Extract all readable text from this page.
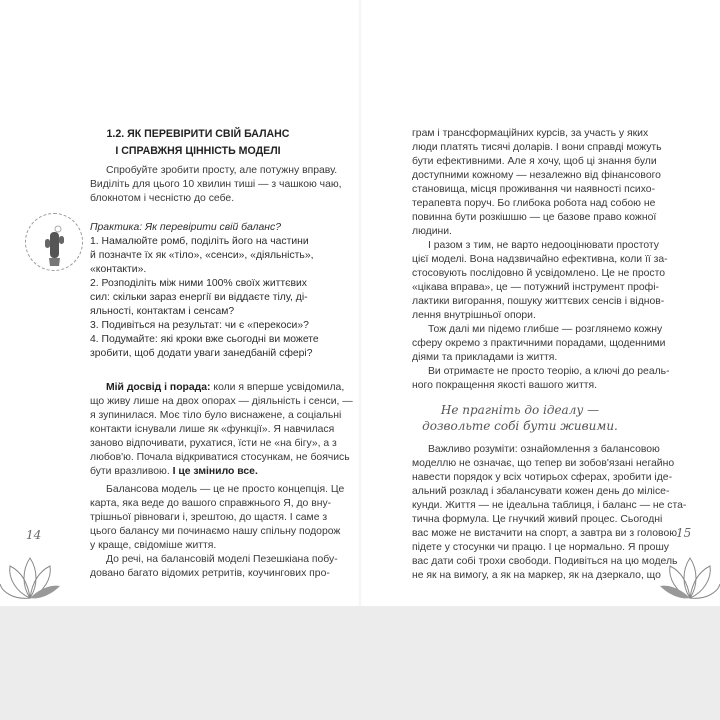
1.2. ЯК ПЕРЕВІРИТИ СВІЙ БАЛАНС
І СПРАВЖНЯ ЦІННІСТЬ МОДЕЛІ
Спробуйте зробити просту, але потужну вправу.
Виділіть для цього 10 хвилин тиші — з чашкою чаю,
блокнотом і чесністю до себе.
Практика: Як перевірити свій баланс?
1. Намалюйте ромб, поділіть його на частини
й позначте їх як «тіло», «сенси», «діяльність»,
«контакти».
2. Розподіліть між ними 100% своїх життєвих
сил: скільки зараз енергії ви віддаєте тілу, ді-
яльності, контактам і сенсам?
3. Подивіться на результат: чи є «перекоси»?
4. Подумайте: які кроки вже сьогодні ви можете
зробити, щоб додати уваги занедбаній сфері?
Мій досвід і порада: коли я вперше усвідомила,
що живу лише на двох опорах — діяльність і сенси, —
я зупинилася. Моє тіло було виснажене, а соціальні
контакти існували лише як «функції». Я навчилася
заново відпочивати, рухатися, їсти не «на бігу», а з
любов'ю. Почала відкриватися стосункам, не боячись
бути вразливою. І це змінило все.
Балансова модель — це не просто концепція. Це
карта, яка веде до вашого справжнього Я, до вну-
трішньої рівноваги і, зрештою, до щастя. І саме з
цього балансу ми починаємо нашу спільну подорож
у краще, свідоміше життя.
До речі, на балансовій моделі Пезешкіана побу-
довано багато відомих ретритів, коучингових про-
14
грам і трансформаційних курсів, за участь у яких
люди платять тисячі доларів. І вони справді можуть
бути ефективними. Але я хочу, щоб ці знання були
доступними кожному — незалежно від фінансового
становища, місця проживання чи наявності психо-
терапевта поруч. Бо глибока робота над собою не
повинна бути розкішшю — це базове право кожної
людини.
І разом з тим, не варто недооцінювати простоту
цієї моделі. Вона надзвичайно ефективна, коли її за-
стосовують послідовно й усвідомлено. Це не просто
«цікава вправа», це — потужний інструмент профі-
лактики вигорання, пошуку життєвих сенсів і віднов-
лення внутрішньої опори.
Тож далі ми підемо глибше — розглянемо кожну
сферу окремо з практичними порадами, щоденними
діями та прикладами із життя.
Ви отримаєте не просто теорію, а ключі до реаль-
ного покращення якості вашого життя.
Не прагніть до ідеалу —
дозвольте собі бути живими.
Важливо розуміти: ознайомлення з балансовою
моделлю не означає, що тепер ви зобов'язані негайно
навести порядок у всіх чотирьох сферах, зробити іде-
альний розклад і збалансувати кожен день до мілісе-
кунди. Життя — не ідеальна таблиця, і баланс — не ста-
тична формула. Це гнучкий живий процес. Сьогодні
вас може не вистачити на спорт, а завтра ви з головою
підете у стосунки чи працю. І це нормально. Я прошу
вас дати собі трохи свободи. Подивіться на цю модель
не як на вимогу, а як на маркер, як на дзеркало, що
15
